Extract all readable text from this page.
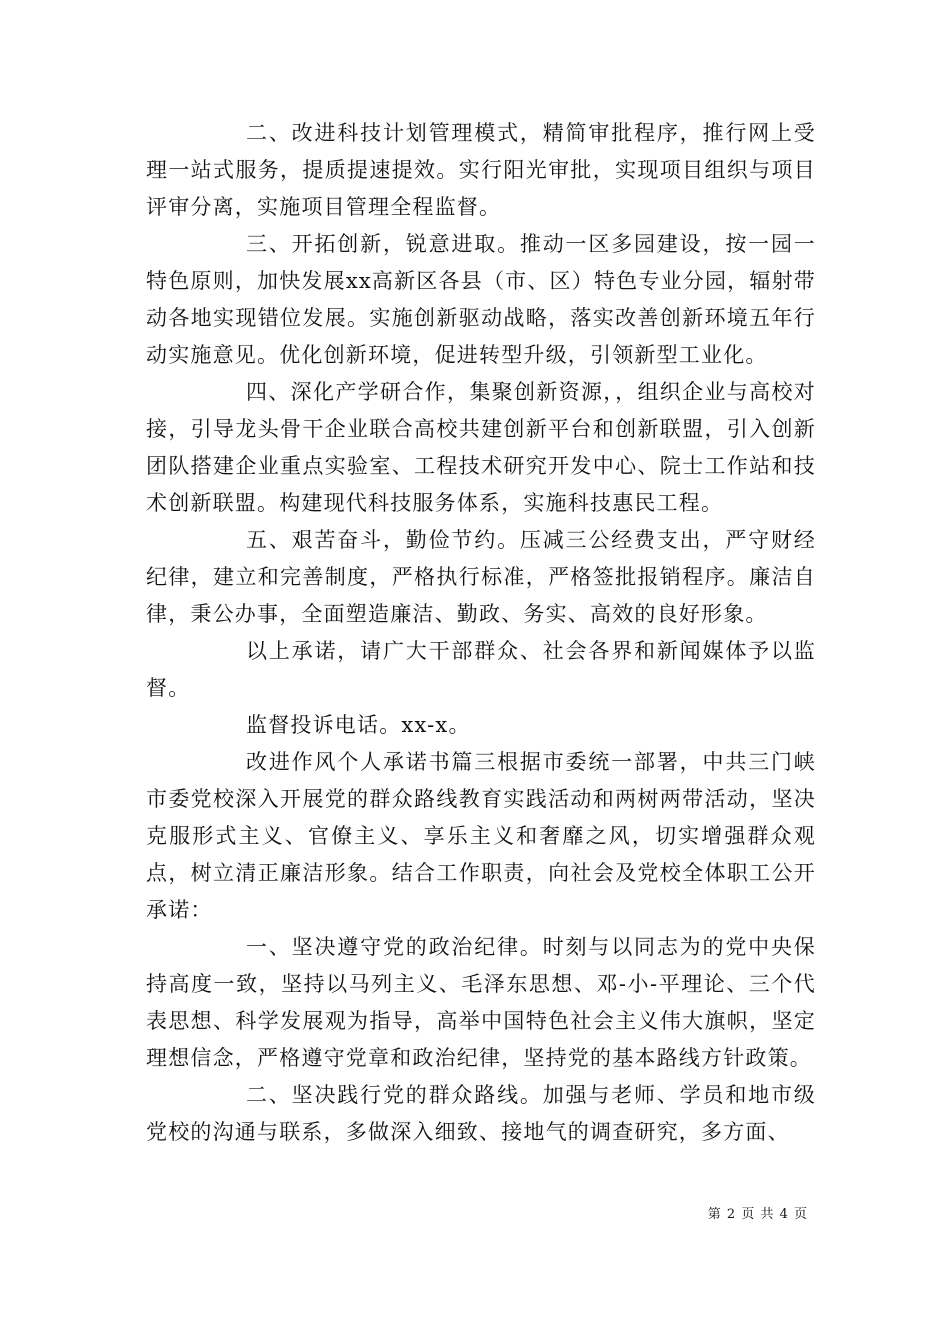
二、改进科技计划管理模式，精简审批程序，推行网上受理一站式服务，提质提速提效。实行阳光审批，实现项目组织与项目评审分离，实施项目管理全程监督。

三、开拓创新，锐意进取。推动一区多园建设，按一园一特色原则，加快发展xx高新区各县（市、区）特色专业分园，辐射带动各地实现错位发展。实施创新驱动战略，落实改善创新环境五年行动实施意见。优化创新环境，促进转型升级，引领新型工业化。

四、深化产学研合作，集聚创新资源，，组织企业与高校对接，引导龙头骨干企业联合高校共建创新平台和创新联盟，引入创新团队搭建企业重点实验室、工程技术研究开发中心、院士工作站和技术创新联盟。构建现代科技服务体系，实施科技惠民工程。

五、艰苦奋斗，勤俭节约。压减三公经费支出，严守财经纪律，建立和完善制度，严格执行标准，严格签批报销程序。廉洁自律，秉公办事，全面塑造廉洁、勤政、务实、高效的良好形象。

以上承诺，请广大干部群众、社会各界和新闻媒体予以监督。

监督投诉电话。xx-x。

改进作风个人承诺书篇三根据市委统一部署，中共三门峡市委党校深入开展党的群众路线教育实践活动和两树两带活动，坚决克服形式主义、官僚主义、享乐主义和奢靡之风，切实增强群众观点，树立清正廉洁形象。结合工作职责，向社会及党校全体职工公开承诺：

一、坚决遵守党的政治纪律。时刻与以同志为的党中央保持高度一致，坚持以马列主义、毛泽东思想、邓-小-平理论、三个代表思想、科学发展观为指导，高举中国特色社会主义伟大旗帜，坚定理想信念，严格遵守党章和政治纪律，坚持党的基本路线方针政策。

二、坚决践行党的群众路线。加强与老师、学员和地市级党校的沟通与联系，多做深入细致、接地气的调查研究，多方面、

第 2 页 共 4 页
